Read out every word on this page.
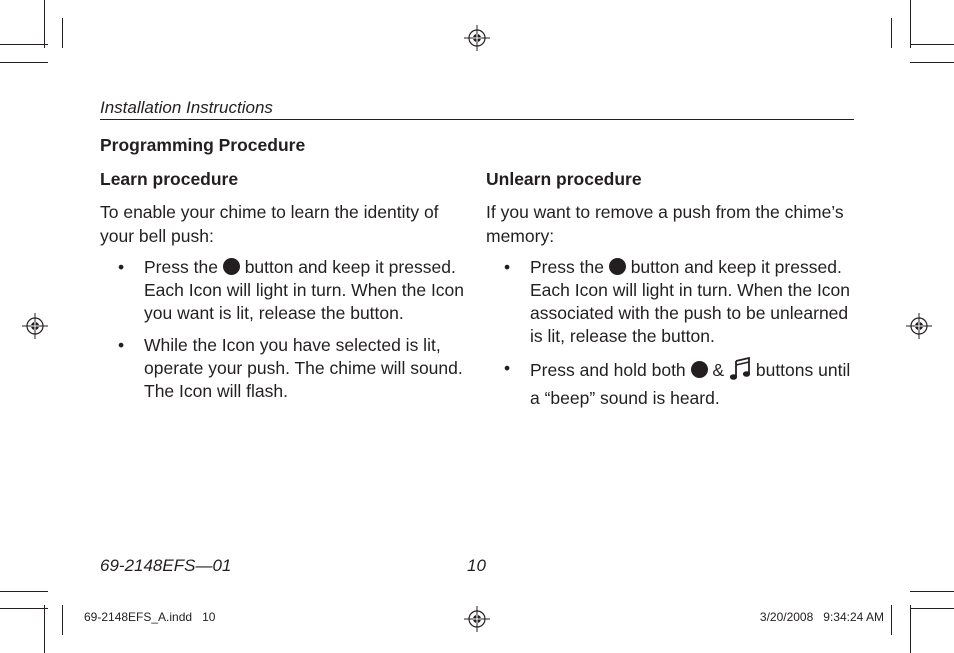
Installation Instructions
Programming Procedure
Learn procedure

To enable your chime to learn the identity of your bell push:

• Press the button and keep it pressed. Each Icon will light in turn. When the Icon you want is lit, release the button.
• While the Icon you have selected is lit, operate your push. The chime will sound. The Icon will flash.
Unlearn procedure

If you want to remove a push from the chime’s memory:

• Press the button and keep it pressed. Each Icon will light in turn. When the Icon associated with the push to be unlearned is lit, release the button.
• Press and hold both & buttons until a “beep” sound is heard.
69-2148EFS—01	10
69-2148EFS_A.indd   10	3/20/2008   9:34:24 AM
